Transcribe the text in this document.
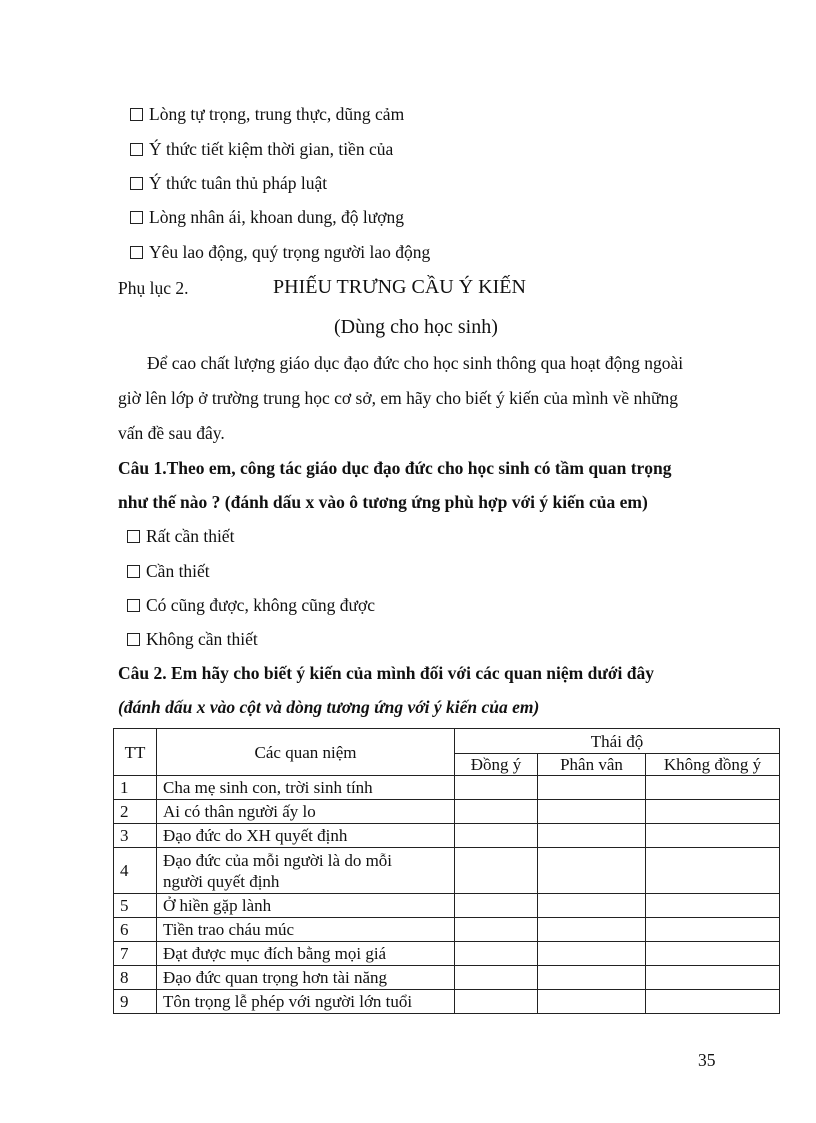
Lòng tự trọng, trung thực, dũng cảm
Ý thức tiết kiệm thời gian, tiền của
Ý thức tuân thủ pháp luật
Lòng nhân ái, khoan dung, độ lượng
Yêu lao động, quý trọng người lao động
Phụ lục 2.	PHIẾU TRƯNG CẦU Ý KIẾN
(Dùng cho học sinh)
Để cao chất lượng giáo dục đạo đức cho học sinh thông qua hoạt động ngoài
giờ lên lớp ở trường trung học cơ sở, em hãy cho biết ý kiến của mình về những
vấn đề sau đây.
Câu 1.Theo em, công tác giáo dục đạo đức cho học sinh có tầm quan trọng
như thế nào ? (đánh dấu x vào ô tương ứng phù hợp với ý kiến của em)
Rất cần thiết
Cần thiết
Có cũng được, không cũng được
Không cần thiết
Câu 2. Em hãy cho biết ý kiến của mình đối với các quan niệm dưới đây
(đánh dấu x vào cột và dòng tương ứng với ý kiến của em)
TT	Các quan niệm	Thái độ		
		Đồng ý	Phân vân	Không đồng ý
1	Cha mẹ sinh con, trời sinh tính			
2	Ai có thân người ấy lo			
3	Đạo đức do XH quyết định			
4	Đạo đức của mỗi người là do mỗi
người quyết định			

5	Ở hiền gặp lành			
6	Tiền trao cháu múc			
7	Đạt được mục đích bằng mọi giá			
8	Đạo đức quan trọng hơn tài năng			
9	Tôn trọng lễ phép với người lớn tuổi			
35
